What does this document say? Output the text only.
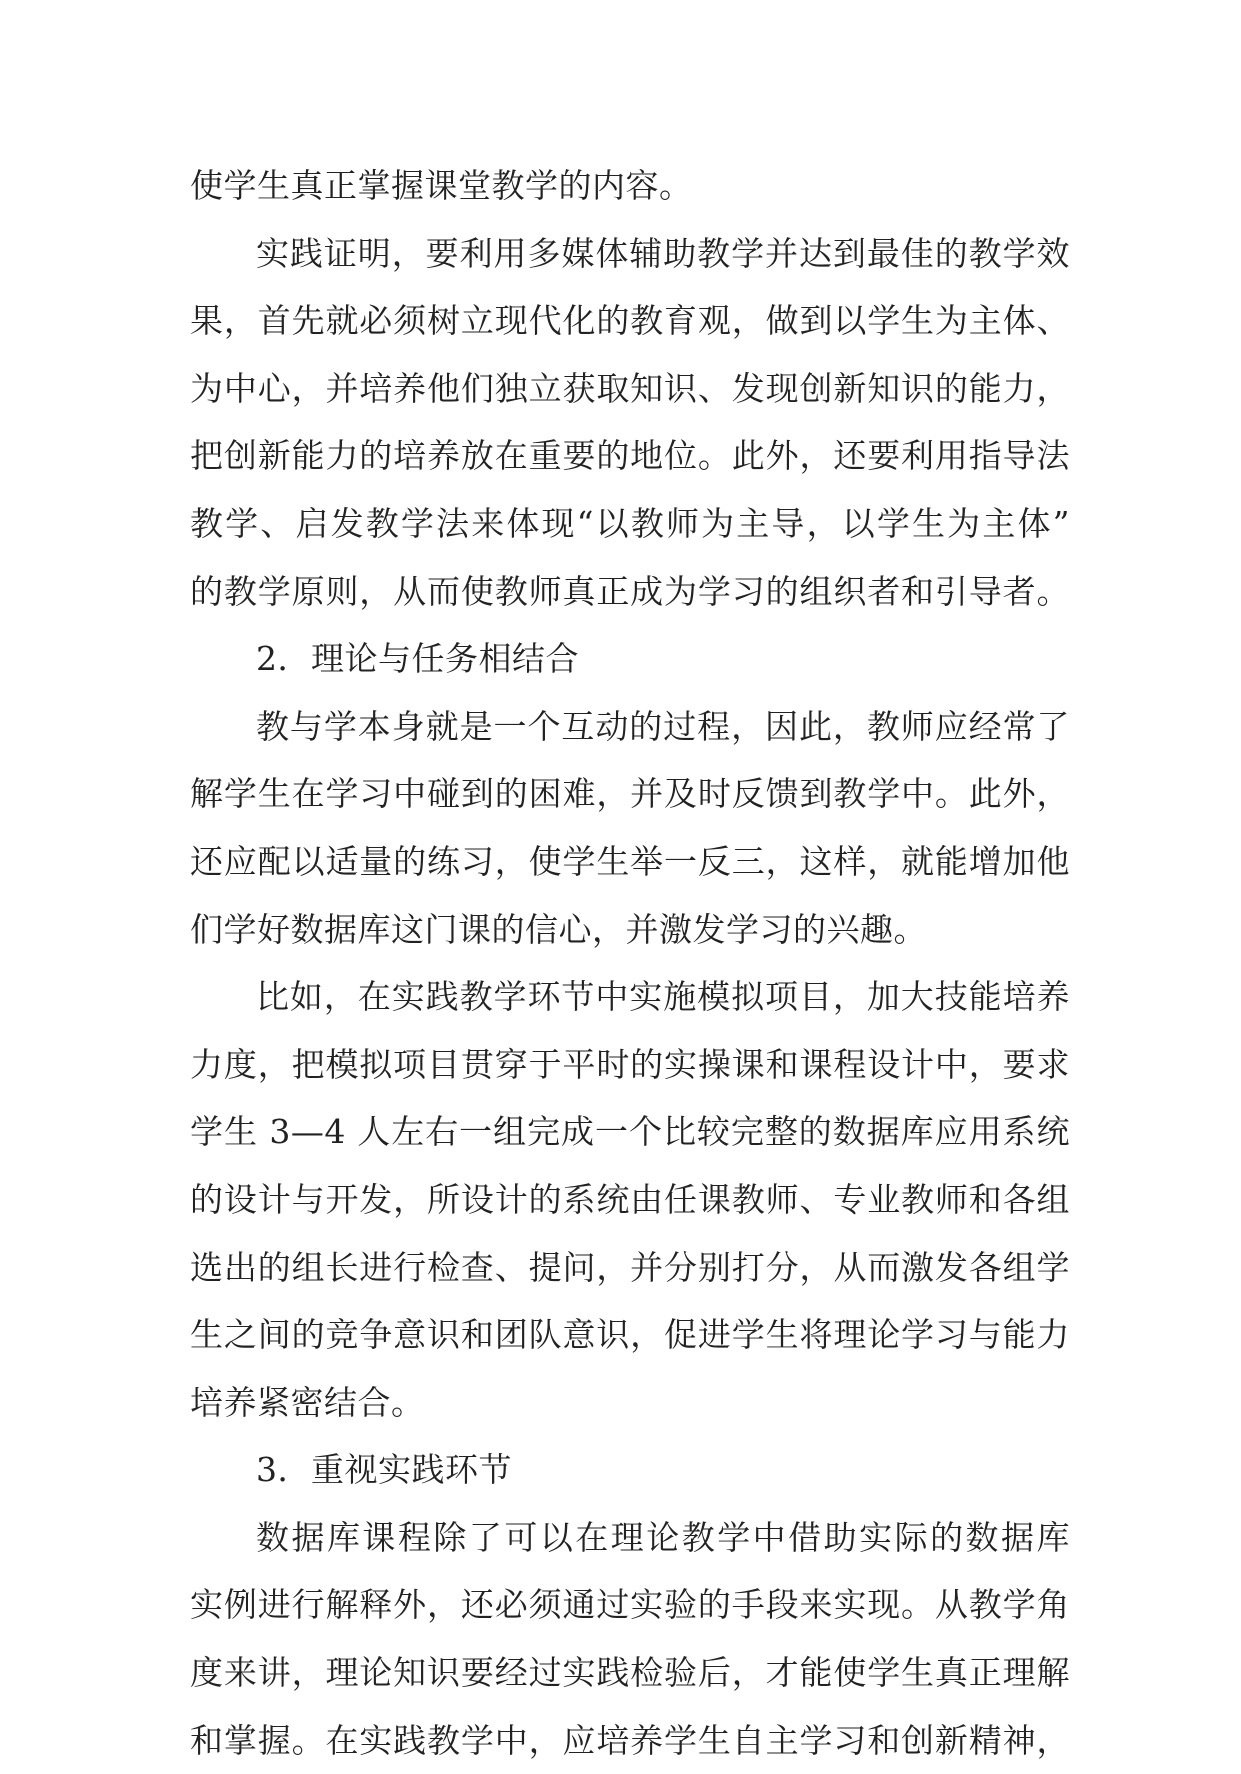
使学生真正掌握课堂教学的内容。
实践证明，要利用多媒体辅助教学并达到最佳的教学效
果，首先就必须树立现代化的教育观，做到以学生为主体、
为中心，并培养他们独立获取知识、发现创新知识的能力，
把创新能力的培养放在重要的地位。此外，还要利用指导法
教学、启发教学法来体现“以教师为主导，以学生为主体”
的教学原则，从而使教师真正成为学习的组织者和引导者。
2．理论与任务相结合
教与学本身就是一个互动的过程，因此，教师应经常了
解学生在学习中碰到的困难，并及时反馈到教学中。此外，
还应配以适量的练习，使学生举一反三，这样，就能增加他
们学好数据库这门课的信心，并激发学习的兴趣。
比如，在实践教学环节中实施模拟项目，加大技能培养
力度，把模拟项目贯穿于平时的实操课和课程设计中，要求
学生 3—4 人左右一组完成一个比较完整的数据库应用系统
的设计与开发，所设计的系统由任课教师、专业教师和各组
选出的组长进行检查、提问，并分别打分，从而激发各组学
生之间的竞争意识和团队意识，促进学生将理论学习与能力
培养紧密结合。
3．重视实践环节
数据库课程除了可以在理论教学中借助实际的数据库
实例进行解释外，还必须通过实验的手段来实现。从教学角
度来讲，理论知识要经过实践检验后，才能使学生真正理解
和掌握。在实践教学中，应培养学生自主学习和创新精神，
